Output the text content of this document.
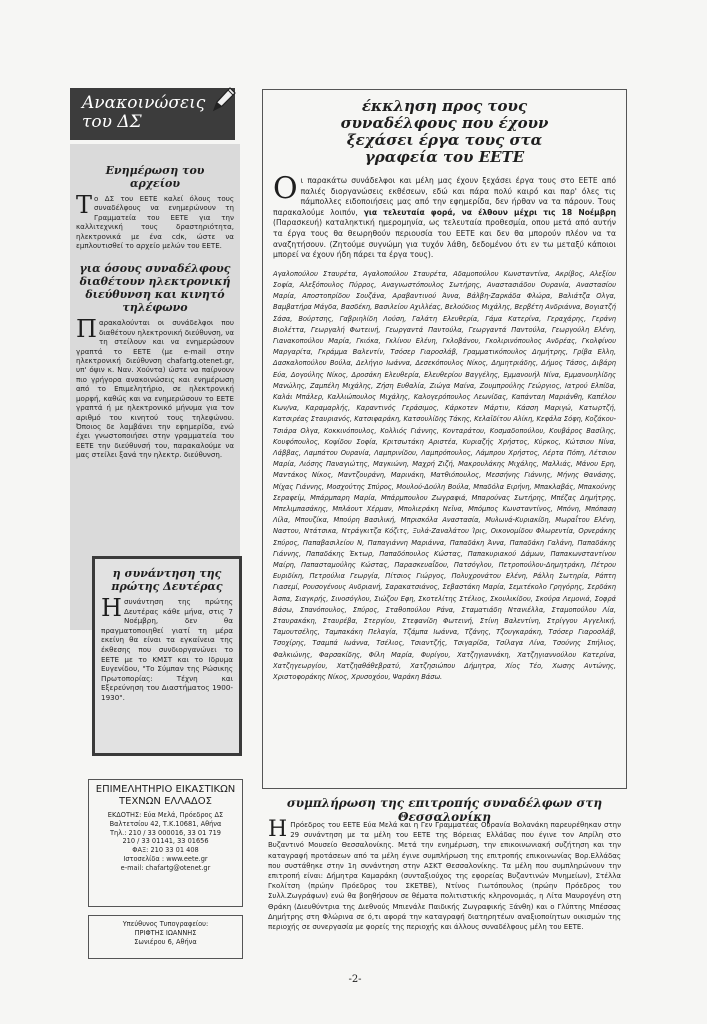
Ανακοινώσεις του ΔΣ
Ενημέρωση του αρχείου
Το ΔΣ του ΕΕΤΕ καλεί όλους τους συναδέλφους να ενημερώνουν τη Γραμματεία του ΕΕΤΕ για την καλλιτεχνική τους δραστηριότητα, ηλεκτρονικά με ένα cdκ, ώστε να εμπλουτισθεί το αρχείο μελών του ΕΕΤΕ.
για όσους συναδέλφους διαθέτουν ηλεκτρονική διεύθυνση και κινητό τηλέφωνο
Παρακαλούνται οι συνάδελφοι που διαθέτουν ηλεκτρονική διεύθυνση, να τη στείλουν και να ενημερώσουν γραπτά το ΕΕΤΕ (με e-mail στην ηλεκτρονική διεύθυνση chafartg.otenet.gr, υπ' όψιν κ. Ναν. Χούντα) ώστε να παίρνουν πιο γρήγορα ανακοινώσεις και ενημέρωση από το Επιμελητήριο, σε ηλεκτρονική μορφή, καθώς και να ενημερώσουν το ΕΕΤΕ γραπτά ή με ηλεκτρονικό μήνυμα για τον αριθμό του κινητού τους τηλεφώνου. Όποιος δε λαμβάνει την εφημερίδα, ενώ έχει γνωστοποιήσει στην γραμματεία του ΕΕΤΕ την διεύθυνσή του, παρακαλούμε να μας στείλει ξανά την ηλεκτρ. διεύθυνση.
η συνάντηση της πρώτης Δευτέρας
Ησυνάντηση της πρώτης Δευτέρας κάθε μήνα, στις 7 Νοέμβρη, δεν θα πραγματοποιηθεί γιατί τη μέρα εκείνη θα είναι τα εγκαίνεια της έκθεσης που συνδιοργανώνει το ΕΕΤΕ με το ΚΜΣΤ και το Ιδρυμα Ευγενίδου, "Το Σύμπαν της Ρώσικης Πρωτοπορίας: Τέχνη και Εξερεύνηση του Διαστήματος 1900-1930".
ΕΠΙΜΕΛΗΤΗΡΙΟ ΕΙΚΑΣΤΙΚΩΝ ΤΕΧΝΩΝ ΕΛΛΑΔΟΣ
ΕΚΔΟΤΗΣ: Εύα Μελά, Πρόεδρος ΔΣ
Βαλτετσίου 42, Τ.Κ.10681, Αθήνα
Τηλ.: 210 / 33 000016, 33 01 719
210 / 33 01141, 33 01656
ΦΑΞ: 210 33 01 408
Ιστοσελίδα : www.eete.gr
e-mail: chafartg@otenet.gr
Υπεύθυνος Τυπογραφείου:
ΠΡΙΦΤΗΣ ΙΩΑΝΝΗΣ
Σωνιέρου 6, Αθήνα
έκκληση προς τους συναδέλφους που έχουν ξεχάσει έργα τους στα γραφεία του ΕΕΤΕ
Οι παρακάτω συνάδελφοι και μέλη μας έχουν ξεχάσει έργα τους στο ΕΕΤΕ από παλιές διοργανώσεις εκθέσεων, εδώ και πάρα πολύ καιρό και παρ' όλες τις πάμπολλες ειδοποιήσεις μας από την εφημερίδα, δεν ήρθαν να τα πάρουν. Τους παρακαλούμε λοιπόν, για τελευταία φορά, να έλθουν μέχρι τις 18 Νοέμβρη (Παρασκευή) καταληκτική ημερομηνία, ως τελευταία προθεσμία, οπου μετά από αυτήν τα έργα τους θα θεωρηθούν περιουσία του ΕΕΤΕ και δεν θα μπορούν πλέον να τα αναζητήσουν. (Ζητούμε συγνώμη για τυχόν λάθη, δεδομένου ότι εν τω μεταξύ κάποιοι μπορεί να έχουν ήδη πάρει τα έργα τους).
Αγαλοπούλου Σταυρέτα, Αγαλοπούλου Σταυρέτα, Αδαμοπούλου Κωνσταντίνα, Ακρίβος, Αλεξίου Σοφία, Αλεξόπουλος Πύρρος, Αναγνωστόπουλος Σωτήρης, Αναστασιάδου Ουρανία, Αναστασίου Μαρία, Αποστοπρίδου Σουζάνα, Αραβαντινού Άννα, Βάλβη-Ζαρκάδα Φλώρα, Βαλιάτζα Ολγα, Βαμβατήρα Μάγδα, Βασδέκη, Βασιλείου Αχιλλέας, Βελούδιος Μιχάλης, Βερβέτη Ανδριάννα, Βογιατζή Σάσα, Βούρτσης, Γαβριηλίδη Λούση, Γαλάτη Ελευθερία, Γάμα Κατερίνα, Γεραχάρης, Γεράνη Βιολέττα, Γεωργαλή Φωτεινή, Γεωργαντά Παντούλα, Γεωργαντά Παντούλα, Γεωργούλη Ελένη, Γιανακοπούλου Μαρία, Γκιόκα, Γκλίνου Ελένη, Γκλοβάνου, Γκολιρινόπουλος Ανδρέας, Γκολφίνου Μαργαρίτα, Γκράμμα Βαλεντίν, Τσόσερ Γιαροσλάβ, Γραμματικόπουλος Δημήτρης, Γρίβα Ελλη, Δασκαλοπούλου Βούλα, Δελήγιο Ιωάννα, Δεσεκόπουλος Νίκος, Δημητριάδης, Δήμος Τάσος, Διβάρη Εύα, Δογούλης Νίκος, Δροσάκη Ελευθερία, Ελευθερίου Βαγγέλης, Εμμανουήλ Νίνα, Εμμανουηλίδης Μανώλης, Ζαμπέλη Μιχάλης, Ζήση Ευθαλία, Ζιώγα Μαίνα, Ζουμπρούλης Γεώργιος, Ιατρού Ελπίδα, Καλάι Μπάλερ, Καλλιώπουλος Μιχάλης, Καλογερόπουλος Λεωνίδας, Καπάνταη Μαριάνθη, Καπέλου Κων/να, Καραμαρλής, Καραντινός Γεράσιμος, Κάρκοτεν Μάρτιν, Κάσση Μαριγώ, Κατωρτζή, Κατσιρέας Σταυριανός, Κατσιφαράκη, Κατσουλίδης Τάκης, Κελαϊδίτου Αλίκη, Κεφάλα Σόφη, Κοζάκου-Τσιάρα Ολγα, Κοκκινόπουλος, Κολλιός Γιάννης, Κονταράτου, Κοσμαδοπούλου, Κουβάρος Βασίλης, Κουφόπουλος, Κοψίδου Σοφία, Κριτσωτάκη Αριστέα, Κυριαζής Χρήστος, Κύρκος, Κώτσιου Νίνα, Λάββας, Λαμπάτου Ουρανία, Λαμπρινίδου, Λαμπρόπουλος, Λάμπρου Χρήστος, Λέρτα Πόπη, Λέτσιου Μαρία, Λιόσης Παναγιώτης, Μαγκιώνη, Μαχρή Ζιζή, Μακρουλάκης Μιχάλης, Μαλλιάς, Μάνου Ερη, Μαντάκος Νίκος, Μαντζουράνη, Μαρινάκη, Ματθιόπουλος, Μεσσήνης Γιάννης, Μήνης Θανάσης, Μίχας Γιάννης, Μοσχούτης Σπύρος, Μουλού-Δούλη Βούλα, Μπαδόλα Ειρήνη, Μπακλαβάς, Μπακούνης Σεραφείμ, Μπάρμπαρη Μαρία, Μπάρμπουλου Ζωγραφιά, Μπαρούνας Σωτήρης, Μπέζας Δημήτρης, Μπελιμπασάκης, Μπλάουτ Χέρμαν, Μπολιεράκη Νεϊνα, Μπόμπος Κωνσταντίνος, Μπόνη, Μπόπαση Λίλα, Μπουζίκα, Μπούρη Βασιλική, Μπρισκόλα Αναστασία, Μυλωνά-Κυριακίδη, Μωραΐτου Ελένη, Ναστου, Ντάτσικα, Ντράγκιτζα Κόζιτς, Ξυλά-Ζαναλάτου Ίρις, Οικονομίδου Φλωρεντία, Ορνεράκης Σπύρος, Παπαβασιλείου Ν, Παπαγιάννη Μαριάννα, Παπαδάκη Άννα, Παπαδάκη Γαλάνη, Παπαδάκης Γιάννης, Παπαδάκης Έκτωρ, Παπαδόπουλος Κώστας, Παπακυριακού Δάμων, Παπακωνσταντίνου Μαίρη, Παπασταμούλης Κώστας, Παρασκευαΐδου, Πατσόγλου, Πετροπούλου-Δημητράκη, Πέτρου Ευριδίκη, Πετρούλια Γεωργία, Πίτσιος Γιώργος, Πολυχρονάτου Ελένη, Ράλλη Σωτηρία, Ράπτη Γιασεμί, Ρουσογένους Ανδριανή, Σαρακατσιάνος, Σεβαστάκη Μαρία, Σεμιτέκολο Γρηγόρης, Σερδάκη Άσπα, Σιαγκρής, Σινοσόγλου, Σιώζου Εφη, Σκοτελίτης Στέλιος, Σκουλικίδου, Σκούρα Λεμονιά, Σοφρά Βάσω, Σπανόπουλος, Σπύρος, Σταθοπούλου Ράνα, Σταματιάδη Ντανιέλλα, Σταμοπούλου Λία, Σταυρακάκη, Σταυρέβα, Στεργίου, Στεφανίδη Φωτεινή, Στίνη Βαλεντίνη, Στρίγγου Αγγελική, Ταμουτσέλης, Ταμπακάκη Πελαγία, Τζάμπα Ιωάννα, Τζάνης, Τζουγκαράκη, Τσόσερ Γιαροσλάβ, Τσοχίρης, Τσαμπά Ιωάννα, Τσέλιος, Τσιαντζής, Τσιγαρίδα, Τσίλαγα Λίνα, Τσούνης Σπήλιος, Φαλκιώνης, Φαρσακίδης, Φίλη Μαρία, Φυρίγου, Χατζηγιαννάκη, Χατζηγιαννούλου Κατερίνα, Χατζηγεωργίου, Χατζηαθάθεβρατύ, Χατζησιώπου Δήμητρα, Χίος Τέο, Χωσης Αντώνης, Χριστοφοράκης Νίκος, Χρυσοχόου, Ψαράκη Βάσω.
συμπλήρωση της επιτροπής συναδέλφων στη Θεσσαλονίκη
Η Πρόεδρος του ΕΕΤΕ Εύα Μελά και η Γεν Γραμματέας Ουρανία Βολανάκη παρευρέθηκαν στην 29 συνάντηση με τα μέλη του ΕΕΤΕ της Βόρειας Ελλάδας που έγινε τον Απρίλη στο Βυζαντινό Μουσείο Θεσσαλονίκης. Μετά την ενημέρωση, την επικοινωνιακή συζήτηση και την καταγραφή προτάσεων από τα μέλη έγινε συμπλήρωση της επιτροπής επικοινωνίας Βορ.Ελλάδας που συστάθηκε στην 1η συνάντηση στην ΑΣΚΤ Θεσσαλονίκης. Τα μέλη που συμπληρώνουν την επιτροπή είναι: Δήμητρα Καμαράκη (συνταξιούχος της εφορείας Βυζαντινών Μνημείων), Στέλλα Γκολίτση (πρώην Πρόεδρος του ΣΚΕΤΒΕ), Ντίνος Γιωτόπουλος (πρώην Πρόεδρος του Συλλ.Ζωγράφων) ενώ θα βοηθήσουν σε θέματα πολιτιστικής κληρονομιάς, η Λίτα Μαυρογένη στη Θράκη (Διευθύντρια της Διεθνούς Μπιενάλε Παιδικής Ζωγραφικής Ξάνθη) και ο Γλύπτης Μπέσσας Δημήτρης στη Φλώρινα σε ό,τι αφορά την καταγραφή διατηρητέων αναξιοποίητων οικισμών της περιοχής σε συνεργασία με φορείς της περιοχής και άλλους συναδέλφους μέλη του ΕΕΤΕ.
-2-
